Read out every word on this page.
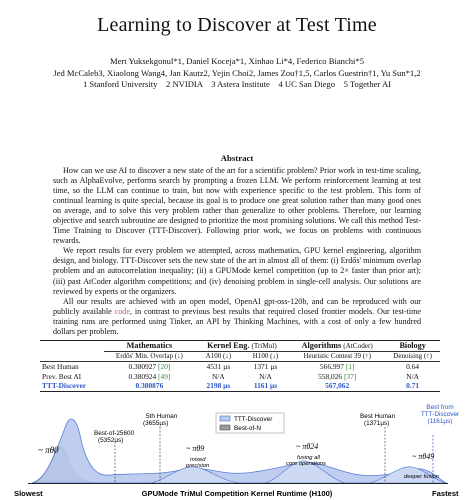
Learning to Discover at Test Time
Mert Yuksekgonul*1, Daniel Koceja*1, Xinhao Li*4, Federico Bianchi*5
Jed McCaleb3, Xiaolong Wang4, Jan Kautz2, Yejin Choi2, James Zou†1,5, Carlos Guestrin†1, Yu Sun*1,2
1 Stanford University    2 NVIDIA    3 Astera Institute    4 UC San Diego    5 Together AI
Abstract

How can we use AI to discover a new state of the art for a scientific problem? Prior work in test-time scaling, such as AlphaEvolve, performs search by prompting a frozen LLM. We perform reinforcement learning at test time, so the LLM can continue to train, but now with experience specific to the test problem. This form of continual learning is quite special, because its goal is to produce one great solution rather than many good ones on average, and to solve this very problem rather than generalize to other problems. Therefore, our learning objective and search subroutine are designed to prioritize the most promising solutions. We call this method Test-Time Training to Discover (TTT-Discover). Following prior work, we focus on problems with continuous rewards.

We report results for every problem we attempted, across mathematics, GPU kernel engineering, algorithm design, and biology. TTT-Discover sets the new state of the art in almost all of them: (i) Erdős' minimum overlap problem and an autocorrelation inequality; (ii) a GPUMode kernel competition (up to 2× faster than prior art); (iii) past AtCoder algorithm competitions; and (iv) denoising problem in single-cell analysis. Our solutions are reviewed by experts or the organizers.

All our results are achieved with an open model, OpenAI gpt-oss-120b, and can be reproduced with our publicly available code, in contrast to previous best results that required closed frontier models. Our test-time training runs are performed using Tinker, an API by Thinking Machines, with a cost of only a few hundred dollars per problem.

	Mathematics	Kernel Eng. (TriMul)		Algorithms (AtCoder)	Biology
	Erdős' Min. Overlap (↓)	A100 (↓)	H100 (↓)	Heuristic Contest 39 (↑)	Denoising (↑)
Best Human	0.380927 [20]	4531 µs	1371 µs	566,997 [1]	0.64
Prev. Best AI	0.380924 [49]	N/A	N/A	558,026 [37]	N/A
TTT-Discover	0.380876	2198 µs	1161 µs	567,062	0.71
~ πθ0
Best-of-25600
(5352µs)
5th Human
(3655µs)
TTT-Discover
Best-of-N
~ πθ9
mixed
precision
~ πθ24
fusing all
core operations
Best Human
(1371µs)
~ πθ49
deeper fusion
Best from
TTT-Discover
(1161µs)
Slowest	GPUMode TriMul Competition Kernel Runtime (H100)	Fastest
